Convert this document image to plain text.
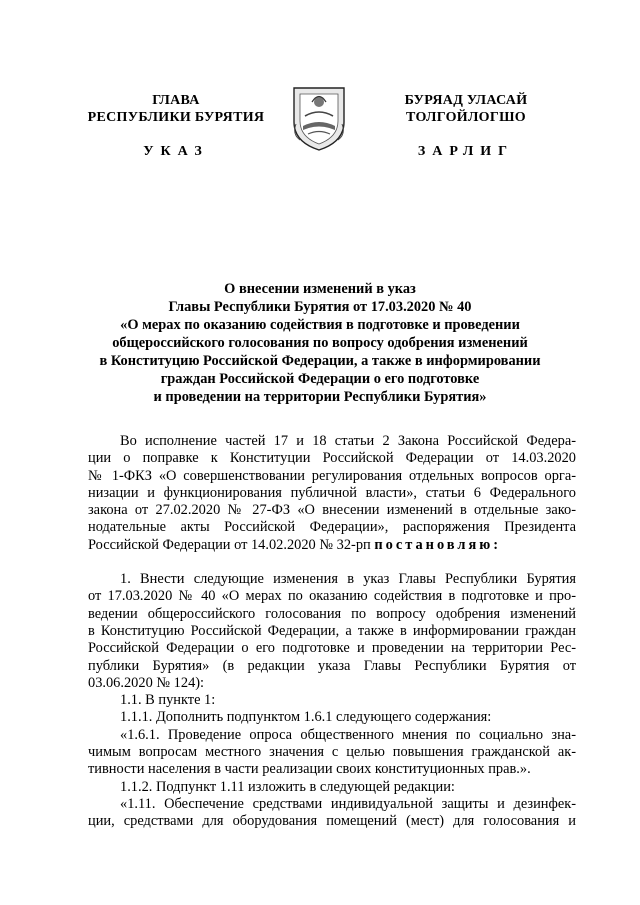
ГЛАВА
РЕСПУБЛИКИ БУРЯТИЯ
БУРЯАД УЛАСАЙ
ТОЛГОЙЛОГШО
УКАЗ	ЗАРЛИГ
О внесении изменений в указ
Главы Республики Бурятия от 17.03.2020 № 40
«О мерах по оказанию содействия в подготовке и проведении
общероссийского голосования по вопросу одобрения изменений
в Конституцию Российской Федерации, а также в информировании
граждан Российской Федерации о его подготовке
и проведении на территории Республики Бурятия»
Во исполнение частей 17 и 18 статьи 2 Закона Российской Федера-
ции о поправке к Конституции Российской Федерации от 14.03.2020
№ 1-ФКЗ «О совершенствовании регулирования отдельных вопросов орга-
низации и функционирования публичной власти», статьи 6 Федерального
закона от 27.02.2020 № 27-ФЗ «О внесении изменений в отдельные зако-
нодательные акты Российской Федерации», распоряжения Президента
Российской Федерации от 14.02.2020 № 32-рп постановляю:
1. Внести следующие изменения в указ Главы Республики Бурятия
от 17.03.2020 № 40 «О мерах по оказанию содействия в подготовке и про-
ведении общероссийского голосования по вопросу одобрения изменений
в Конституцию Российской Федерации, а также в информировании граждан
Российской Федерации о его подготовке и проведении на территории Рес-
публики Бурятия» (в редакции указа Главы Республики Бурятия от
03.06.2020 № 124):
1.1. В пункте 1:
1.1.1. Дополнить подпунктом 1.6.1 следующего содержания:
«1.6.1. Проведение опроса общественного мнения по социально зна-
чимым вопросам местного значения с целью повышения гражданской ак-
тивности населения в части реализации своих конституционных прав.».
1.1.2. Подпункт 1.11 изложить в следующей редакции:
«1.11. Обеспечение средствами индивидуальной защиты и дезинфек-
ции, средствами для оборудования помещений (мест) для голосования и
